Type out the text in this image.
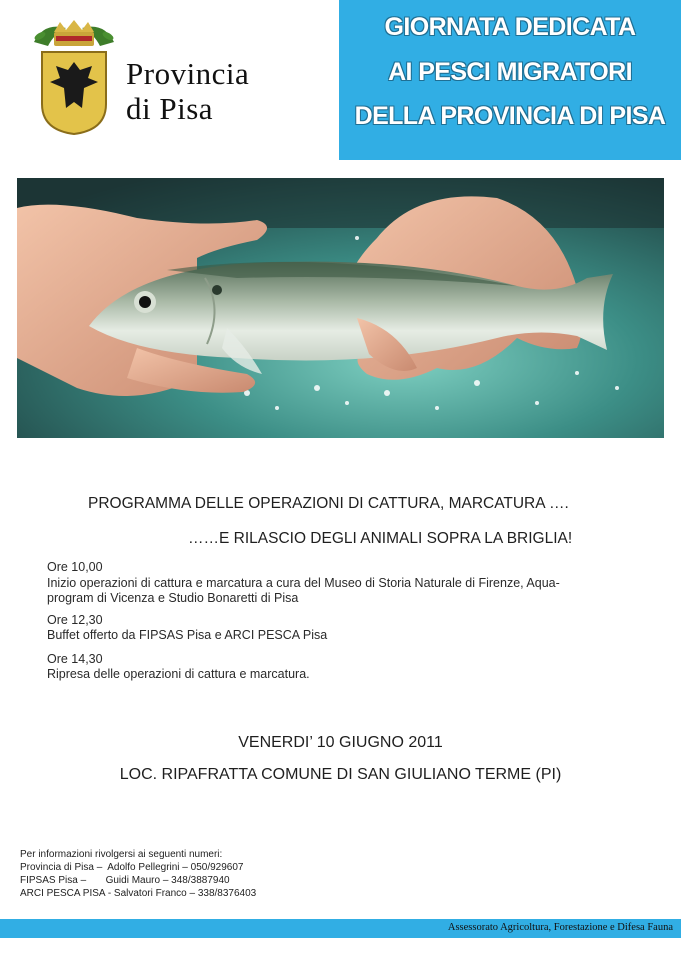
Provincia
di Pisa
GIORNATA DEDICATA
AI PESCI MIGRATORI
DELLA PROVINCIA DI PISA
PROGRAMMA DELLE OPERAZIONI DI CATTURA, MARCATURA ….
……E RILASCIO DEGLI ANIMALI SOPRA LA BRIGLIA!
Ore 10,00
Inizio operazioni di cattura e marcatura a cura del Museo di Storia Naturale di Firenze, Aqua-
program di Vicenza e Studio Bonaretti di Pisa
Ore 12,30
Buffet offerto da FIPSAS Pisa e ARCI PESCA Pisa
Ore 14,30
Ripresa delle operazioni di cattura e marcatura.
VENERDI’ 10 GIUGNO 2011
LOC. RIPAFRATTA COMUNE DI SAN GIULIANO TERME (PI)
Per informazioni rivolgersi ai seguenti numeri:
Provincia di Pisa –  Adolfo Pellegrini – 050/929607
FIPSAS Pisa –       Guidi Mauro – 348/3887940
ARCI PESCA PISA - Salvatori Franco – 338/8376403
Assessorato Agricoltura, Forestazione e Difesa Fauna
